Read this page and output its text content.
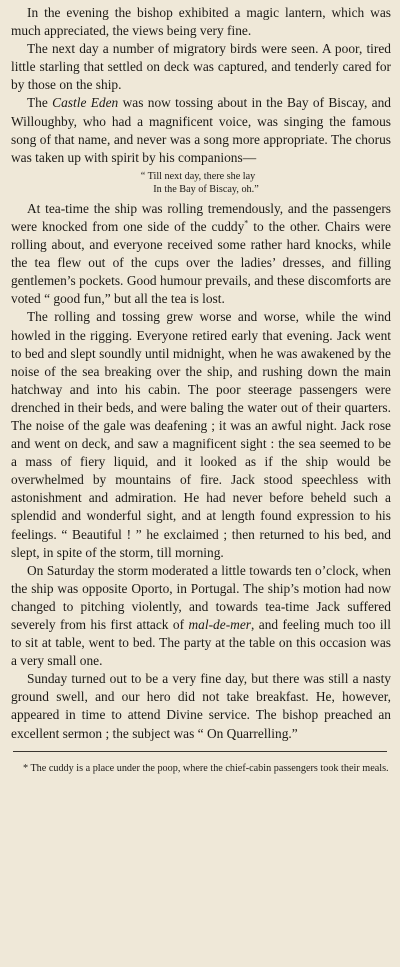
In the evening the bishop exhibited a magic lantern, which was much appreciated, the views being very fine.

The next day a number of migratory birds were seen. A poor, tired little starling that settled on deck was captured, and tenderly cared for by those on the ship.

The Castle Eden was now tossing about in the Bay of Biscay, and Willoughby, who had a magnificent voice, was singing the famous song of that name, and never was a song more appropriate. The chorus was taken up with spirit by his companions—

“ Till next day, there she lay
In the Bay of Biscay, oh.”

At tea-time the ship was rolling tremendously, and the passengers were knocked from one side of the cuddy* to the other. Chairs were rolling about, and everyone received some rather hard knocks, while the tea flew out of the cups over the ladies’ dresses, and filling gentlemen’s pockets. Good humour prevails, and these discomforts are voted “ good fun,” but all the tea is lost.

The rolling and tossing grew worse and worse, while the wind howled in the rigging. Everyone retired early that evening. Jack went to bed and slept soundly until midnight, when he was awakened by the noise of the sea breaking over the ship, and rushing down the main hatchway and into his cabin. The poor steerage passengers were drenched in their beds, and were baling the water out of their quarters. The noise of the gale was deafening ; it was an awful night. Jack rose and went on deck, and saw a magnificent sight : the sea seemed to be a mass of fiery liquid, and it looked as if the ship would be overwhelmed by mountains of fire. Jack stood speechless with astonishment and admiration. He had never before beheld such a splendid and wonderful sight, and at length found expression to his feelings. “ Beautiful ! ” he exclaimed ; then returned to his bed, and slept, in spite of the storm, till morning.

On Saturday the storm moderated a little towards ten o’clock, when the ship was opposite Oporto, in Portugal. The ship’s motion had now changed to pitching violently, and towards tea-time Jack suffered severely from his first attack of mal-de-mer, and feeling much too ill to sit at table, went to bed. The party at the table on this occasion was a very small one.

Sunday turned out to be a very fine day, but there was still a nasty ground swell, and our hero did not take breakfast. He, however, appeared in time to attend Divine service. The bishop preached an excellent sermon ; the subject was “ On Quarrelling.”

* The cuddy is a place under the poop, where the chief-cabin passengers took their meals.
